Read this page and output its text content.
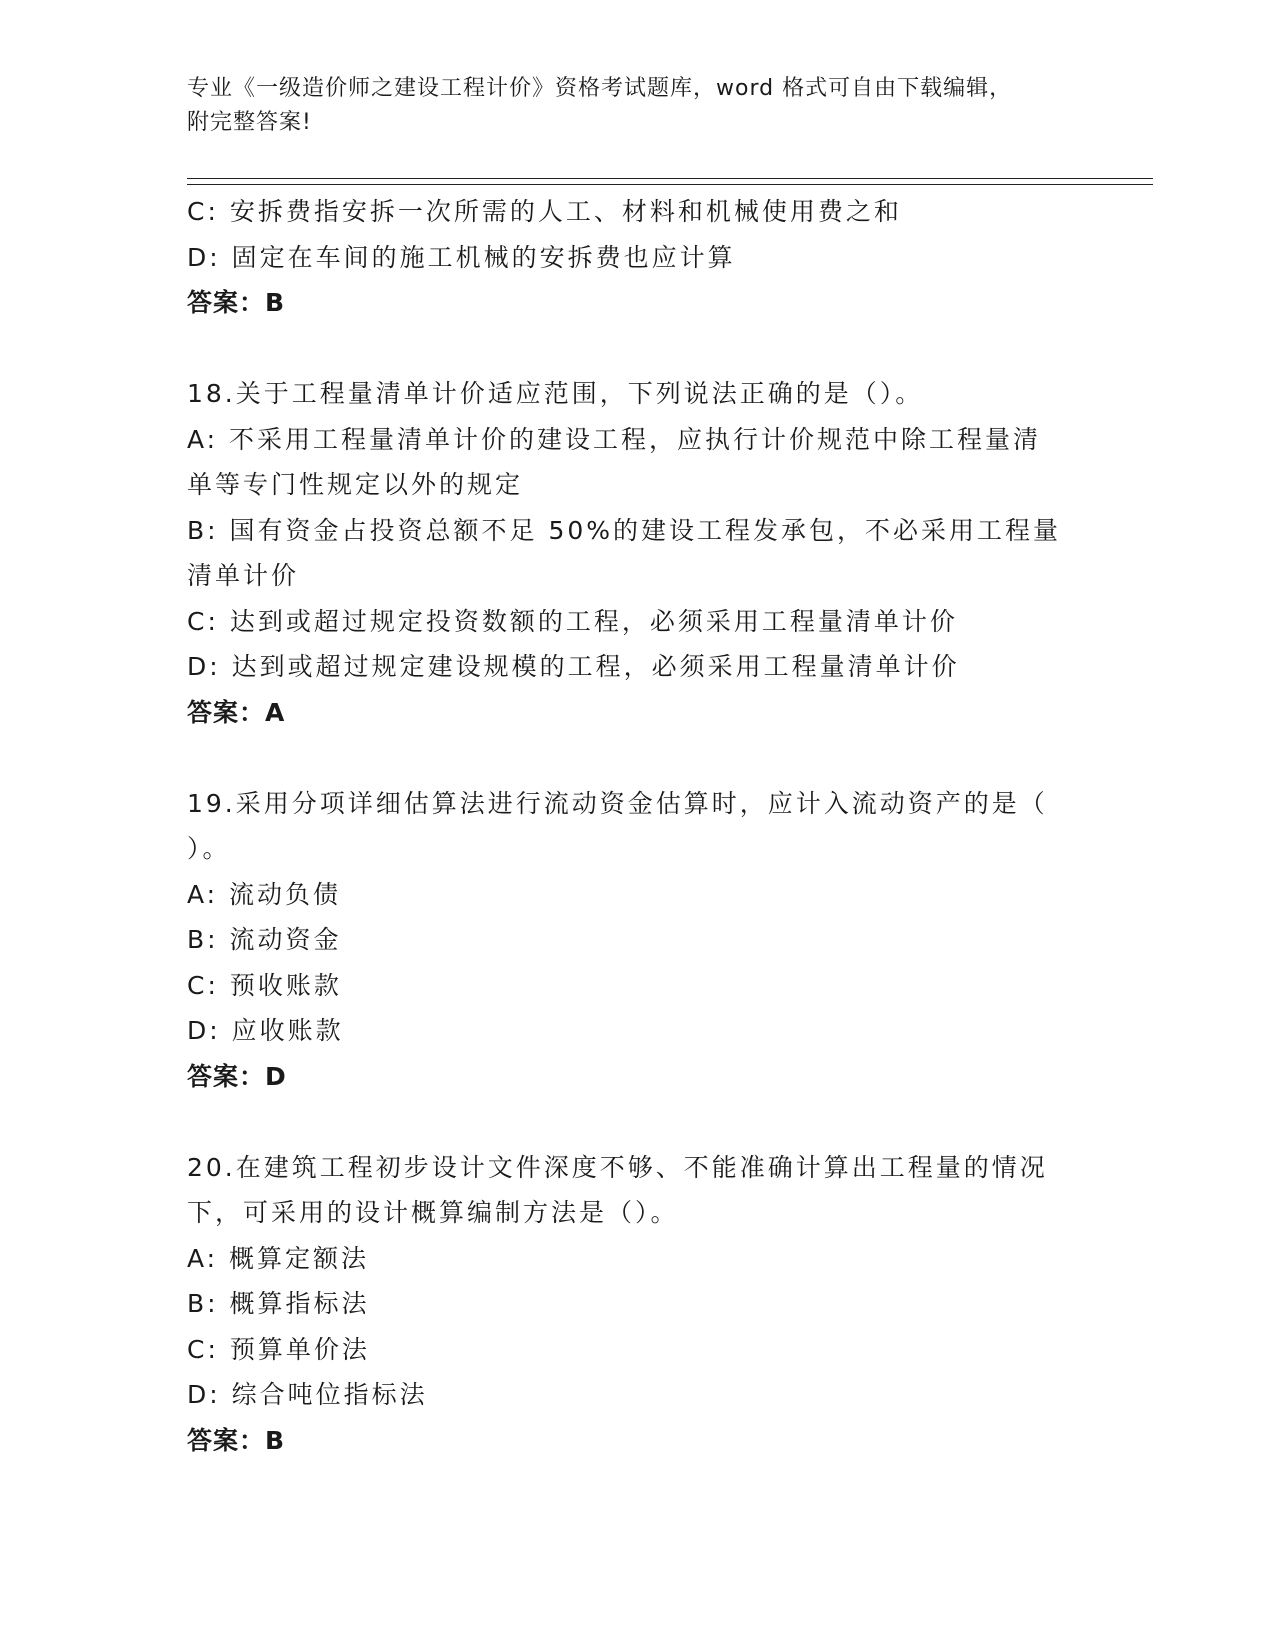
专业《一级造价师之建设工程计价》资格考试题库，word 格式可自由下载编辑，
附完整答案!
C: 安拆费指安拆一次所需的人工、材料和机械使用费之和
D: 固定在车间的施工机械的安拆费也应计算
答案：B
18.关于工程量清单计价适应范围，下列说法正确的是（）。
A: 不采用工程量清单计价的建设工程，应执行计价规范中除工程量清
单等专门性规定以外的规定
B: 国有资金占投资总额不足 50%的建设工程发承包，不必采用工程量
清单计价
C: 达到或超过规定投资数额的工程，必须采用工程量清单计价
D: 达到或超过规定建设规模的工程，必须采用工程量清单计价
答案：A
19.采用分项详细估算法进行流动资金估算时，应计入流动资产的是（
）。
A: 流动负债
B: 流动资金
C: 预收账款
D: 应收账款
答案：D
20.在建筑工程初步设计文件深度不够、不能准确计算出工程量的情况
下，可采用的设计概算编制方法是（）。
A: 概算定额法
B: 概算指标法
C: 预算单价法
D: 综合吨位指标法
答案：B
